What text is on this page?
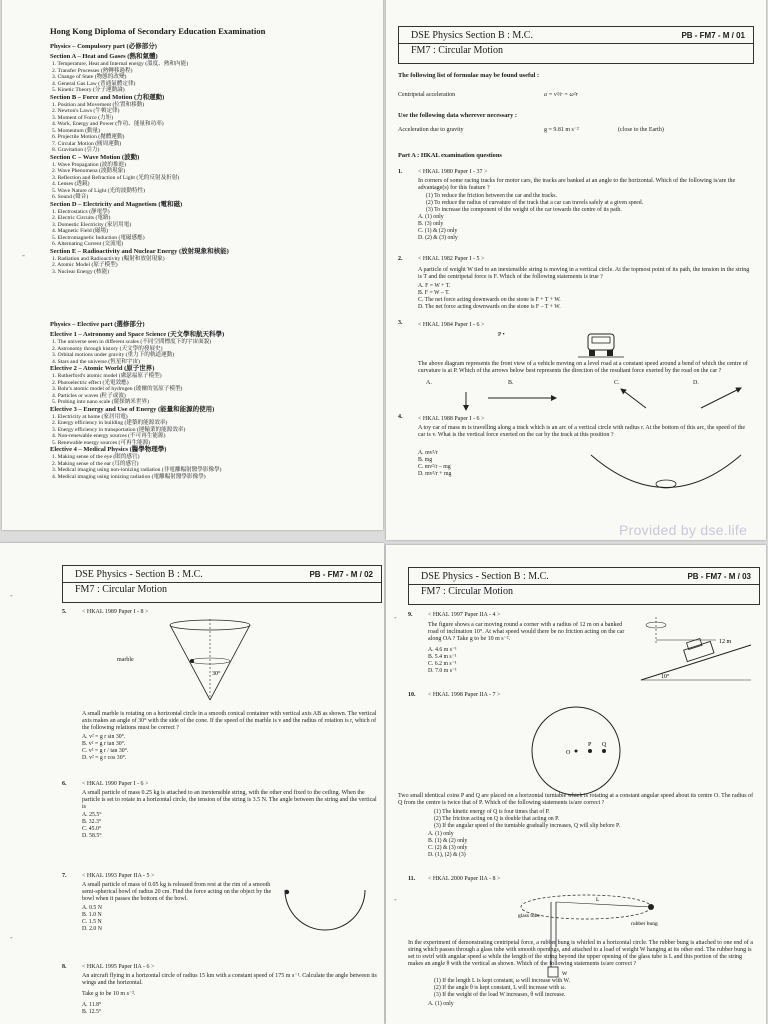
Hong Kong Diploma of Secondary Education Examination
Physics – Compulsory part (必修部分)
Section A – Heat and Gases (熱和氣體)
1. Temperature, Heat and Internal energy (溫度、熱和內能)
2. Transfer Processes (熱轉移過程)
3. Change of State (物態的改變)
4. General Gas Law (普通氣體定律)
5. Kinetic Theory (分子運動論)
Section B – Force and Motion (力和運動)
1. Position and Movement (位置和移動)
2. Newton's Laws (牛頓定律)
3. Moment of Force (力矩)
4. Work, Energy and Power (作功、能量和功率)
5. Momentum (動量)
6. Projectile Motion (拋體運動)
7. Circular Motion (圓周運動)
8. Gravitation (引力)
Section C – Wave Motion (波動)
1. Wave Propagation (波的推進)
2. Wave Phenomena (波動現象)
3. Reflection and Refraction of Light (光的反射及折射)
4. Lenses (透鏡)
5. Wave Nature of Light (光的波動特性)
6. Sound (聲音)
Section D – Electricity and Magnetism (電和磁)
1. Electrostatics (靜電學)
2. Electric Circuits (電路)
3. Domestic Electricity (家居用電)
4. Magnetic Field (磁場)
5. Electromagnetic Induction (電磁感應)
6. Alternating Current (交流電)
Section E – Radioactivity and Nuclear Energy (放射現象和核能)
1. Radiation and Radioactivity (輻射和放射現象)
2. Atomic Model (原子模型)
3. Nuclear Energy (核能)
Physics – Elective part (選修部分)
Elective 1 – Astronomy and Space Science (天文學和航天科學)
1. The universe seen in different scales (不同空間標度下的宇宙面貌)
2. Astronomy through history (天文學的發展史)
3. Orbital motions under gravity (重力下的軌道運動)
4. Stars and the universe (恆星和宇宙)
Elective 2 – Atomic World (原子世界)
1. Rutherford's atomic model (盧瑟福原子模型)
2. Photoelectric effect (光電效應)
3. Bohr's atomic model of hydrogen (玻爾的氫原子模型)
4. Particles or waves (粒子或波)
5. Probing into nano scale (窺探納米世界)
Elective 3 – Energy and Use of Energy (能量和能源的使用)
1. Electricity at home (家居用電)
2. Energy efficiency in building (建築的能源效率)
3. Energy efficiency in transportation (運輸業的能源效率)
4. Non-renewable energy sources (不可再生能源)
5. Renewable energy sources (可再生能源)
Elective 4 – Medical Physics (醫學物理學)
1. Making sense of the eye (眼的感官)
2. Making sense of the ear (耳的感官)
3. Medical imaging using non-ionizing radiation (非電離輻射醫學影像學)
4. Medical imaging using ionizing radiation (電離輻射醫學影像學)
-
DSE Physics Section B : M.C.	PB - FM7 - M / 01
FM7 : Circular Motion
The following list of formulae may be found useful :
Centripetal acceleration	a = v²/r = ω²r
Use the following data wherever necessary :
Acceleration due to gravity	g = 9.81 m s⁻²	(close to the Earth)
Part A : HKAL examination questions
1.	< HKAL 1980 Paper I - 37 >
In corners of some racing tracks for motor cars, the tracks are banked at an angle to the horizontal. Which of the following is/are the advantage(s) for this feature ?
(1) To reduce the friction between the car and the tracks.
(2) To reduce the radius of curvature of the track that a car can travels safely at a given speed.
(3) To increase the component of the weight of the car towards the centre of its path.
A. (1) only
B. (3) only
C. (1) & (2) only
D. (2) & (3) only
2.	< HKAL 1982 Paper I - 5 >
A particle of weight W tied to an inextensible string is moving in a vertical circle. At the topmost point of its path, the tension in the string is T and the centripetal force is F. Which of the following statements is true ?
A. F = W + T.
B. F = W – T.
C. The net force acting downwards on the stone is F + T + W.
D. The net force acting downwards on the stone is F – T + W.
3.	< HKAL 1984 Paper I - 6 >
P •
The above diagram represents the front view of a vehicle moving on a level road at a constant speed around a bend of which the centre of curvature is at P. Which of the arrows below best represents the direction of the resultant force exerted by the road on the car ?
A.	B.	C.	D.
4.	< HKAL 1988 Paper I - 6 >
A toy car of mass m is travelling along a track which is an arc of a vertical circle with radius r. At the bottom of this arc, the speed of the car is v. What is the vertical force exerted on the car by the track at this position ?
A. mv²/r
B. mg
C. mv²/r – mg
D. mv²/r + mg
DSE Physics - Section B : M.C.	PB - FM7 - M / 02
FM7 : Circular Motion
5.	< HKAL 1989 Paper I - 8 >
30°
marble
A small marble is rotating on a horizontal circle in a smooth conical container with vertical axis AB as shown. The vertical axis makes an angle of 30° with the side of the cone. If the speed of the marble is v and the radius of rotation is r, which of the following relations must be correct ?
A. v² = g r sin 30°.
B. v² = g r tan 30°.
C. v² = g r / tan 30°.
D. v² = g r cos 30°.
6.	< HKAL 1990 Paper I - 6 >
A small particle of mass 0.25 kg is attached to an inextensible string, with the other end fixed to the ceiling. When the particle is set to rotate in a horizontal circle, the tension of the string is 3.5 N. The angle between the string and the vertical is
A. 25.5°
B. 32.3°
C. 45.0°
D. 58.5°
7.	< HKAL 1993 Paper IIA - 5 >
A small particle of mass of 0.05 kg is released from rest at the rim of a smooth semi-spherical bowl of radius 20 cm. Find the force acting on the object by the bowl when it passes the bottom of the bowl.
A. 0.5 N
B. 1.0 N
C. 1.5 N
D. 2.0 N
8.	< HKAL 1995 Paper IIA - 6 >
An aircraft flying in a horizontal circle of radius 15 km with a constant speed of 175 m s⁻¹. Calculate the angle between its wings and the horizontal.
Take g to be 10 m s⁻².
A. 11.8°
B. 12.5°
-
-
DSE Physics - Section B : M.C.	PB - FM7 - M / 03
FM7 : Circular Motion
9.	< HKAL 1997 Paper IIA - 4 >
The figure shows a car moving round a corner with a radius of 12 m on a banked road of inclination 10°. At what speed would there be no friction acting on the car along OA ? Take g to be 10 m s⁻².
A. 4.6 m s⁻¹
B. 5.4 m s⁻¹
C. 6.2 m s⁻¹
D. 7.0 m s⁻¹
12 m
10°
10. < HKAL 1998 Paper IIA - 7 >
O
P Q
Two small identical coins P and Q are placed on a horizontal turntable which is rotating at a constant angular speed about its centre O. The radius of Q from the centre is twice that of P. Which of the following statements is/are correct ?
(1) The kinetic energy of Q is four times that of P.
(2) The friction acting on Q is double that acting on P.
(3) If the angular speed of the turntable gradually increases, Q will slip before P.
A. (1) only
B. (1) & (2) only
C. (2) & (3) only
D. (1), (2) & (3)
11. < HKAL 2000 Paper IIA - 8 >
glass tube
rubber bung
L
W
In the experiment of demonstrating centripetal force, a rubber bung is whirled in a horizontal circle. The rubber bung is attached to one end of a string which passes through a glass tube with smooth openings, and attached to a load of weight W hanging at its other end. The rubber bung is set to swirl with angular speed ω while the length of the string beyond the upper opening of the glass tube is L and this portion of the string makes an angle θ with the vertical as shown. Which of the following statements is/are correct ?
(1) If the length L is kept constant, ω will increase with W.
(2) If the angle θ is kept constant, L will increase with ω.
(3) If the weight of the load W increases, θ will increase.
A. (1) only
-
-
Provided by dse.life
